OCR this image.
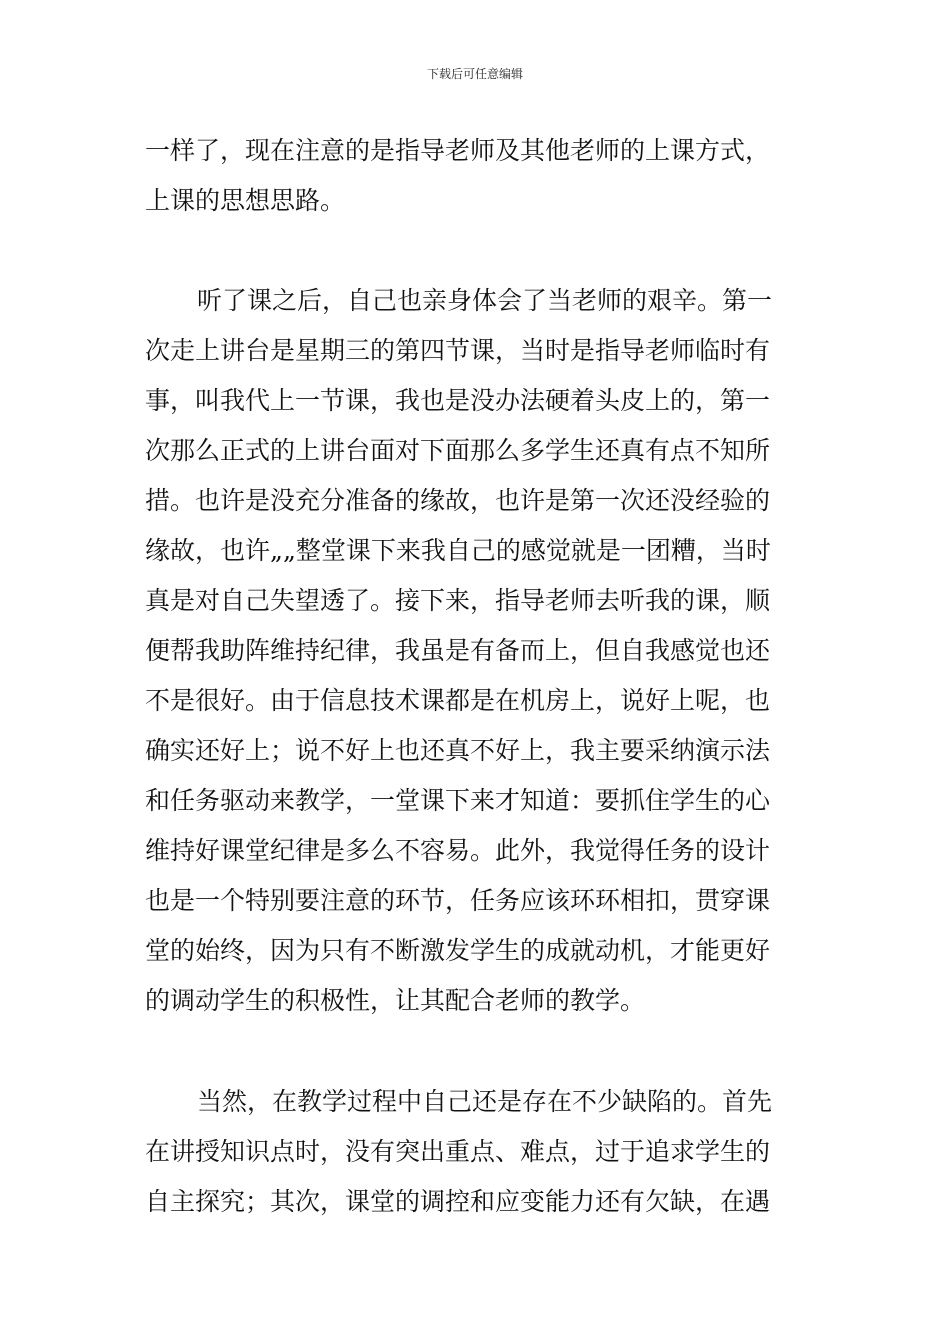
下载后可任意编辑
一样了，现在注意的是指导老师及其他老师的上课方式，
上课的思想思路。
听了课之后，自己也亲身体会了当老师的艰辛。第一
次走上讲台是星期三的第四节课，当时是指导老师临时有
事，叫我代上一节课，我也是没办法硬着头皮上的，第一
次那么正式的上讲台面对下面那么多学生还真有点不知所
措。也许是没充分准备的缘故，也许是第一次还没经验的
缘故，也许„„整堂课下来我自己的感觉就是一团糟，当时
真是对自己失望透了。接下来，指导老师去听我的课，顺
便帮我助阵维持纪律，我虽是有备而上，但自我感觉也还
不是很好。由于信息技术课都是在机房上，说好上呢，也
确实还好上；说不好上也还真不好上，我主要采纳演示法
和任务驱动来教学，一堂课下来才知道：要抓住学生的心
维持好课堂纪律是多么不容易。此外，我觉得任务的设计
也是一个特别要注意的环节，任务应该环环相扣，贯穿课
堂的始终，因为只有不断激发学生的成就动机，才能更好
的调动学生的积极性，让其配合老师的教学。
当然，在教学过程中自己还是存在不少缺陷的。首先
在讲授知识点时，没有突出重点、难点，过于追求学生的
自主探究；其次，课堂的调控和应变能力还有欠缺，在遇
